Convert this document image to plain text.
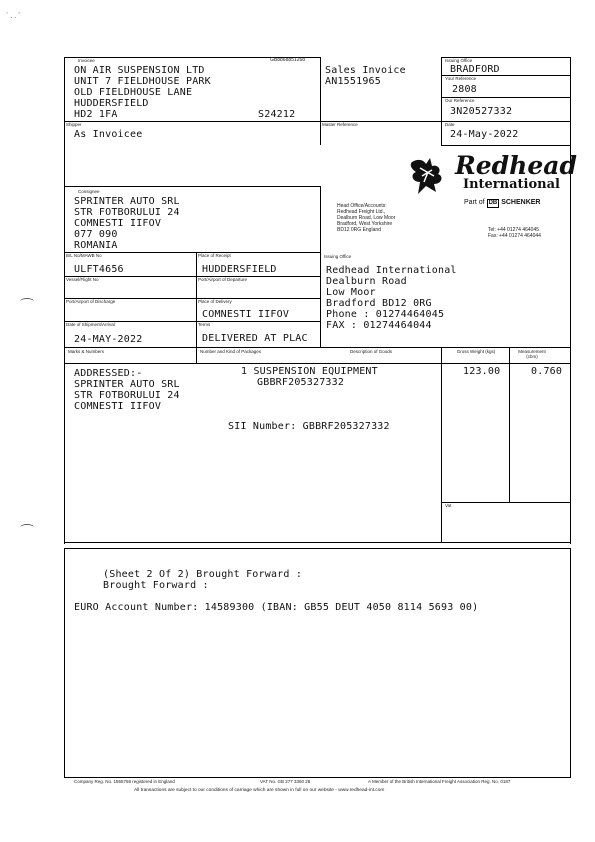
` . . `
Invoicee	GB8868851268
ON AIR SUSPENSION LTD
UNIT 7 FIELDHOUSE PARK
OLD FIELDHOUSE LANE
HUDDERSFIELD
HD2 1FA	S24212
Sales Invoice
AN1551965
Issuing Office
BRADFORD
Your Reference
2808
Our Reference
3N20527332
Date
24-May-2022
Shipper
As Invoicee
Master Reference
Consignee
SPRINTER AUTO SRL
STR FOTBORULUI 24
COMNESTI IIFOV
077 090
ROMANIA
Redhead
International
Part of DB SCHENKER
Head Office/Accounts:
Redhead Freight Ltd.,
Dealburn Road, Low Moor
Bradford, West Yorkshire
BD12 0RG England	Tel: +44 01274 464045
Fax: +44 01274 464044
B/L No/MAWB No
ULFT4656
Place of Receipt
HUDDERSFIELD
Issuing Office
Redhead International
Dealburn Road
Low Moor
Bradford BD12 0RG
Phone : 01274464045
FAX : 01274464044
Vessel/Flight No	Port/Airport of Departure
Port/Airport of Discharge	Place of Delivery
COMNESTI IIFOV
Date of Shipment/Arrival
24-MAY-2022
Terms
DELIVERED AT PLAC
Marks & Numbers	Number and Kind of Packages	Description of Goods	Gross Weight (kgs)	Measurement (cbm)
ADDRESSED:-
SPRINTER AUTO SRL
STR FOTBORULUI 24
COMNESTI IIFOV
1 SUSPENSION EQUIPMENT
GBBRF205327332
123.00	0.760
SII Number: GBBRF205327332
Vat
(Sheet 2 Of 2) Brought Forward :
Brought Forward :
EURO Account Number: 14589300 (IBAN: GB55 DEUT 4050 8114 5693 00)
Company Reg. No. 1865768 registered in England	VAT No. GB 277 3360 28	A Member of the British International Freight Association Reg. No. 0187
All transactions are subject to our conditions of carriage which are shown in full on our website - www.redhead-int.com
